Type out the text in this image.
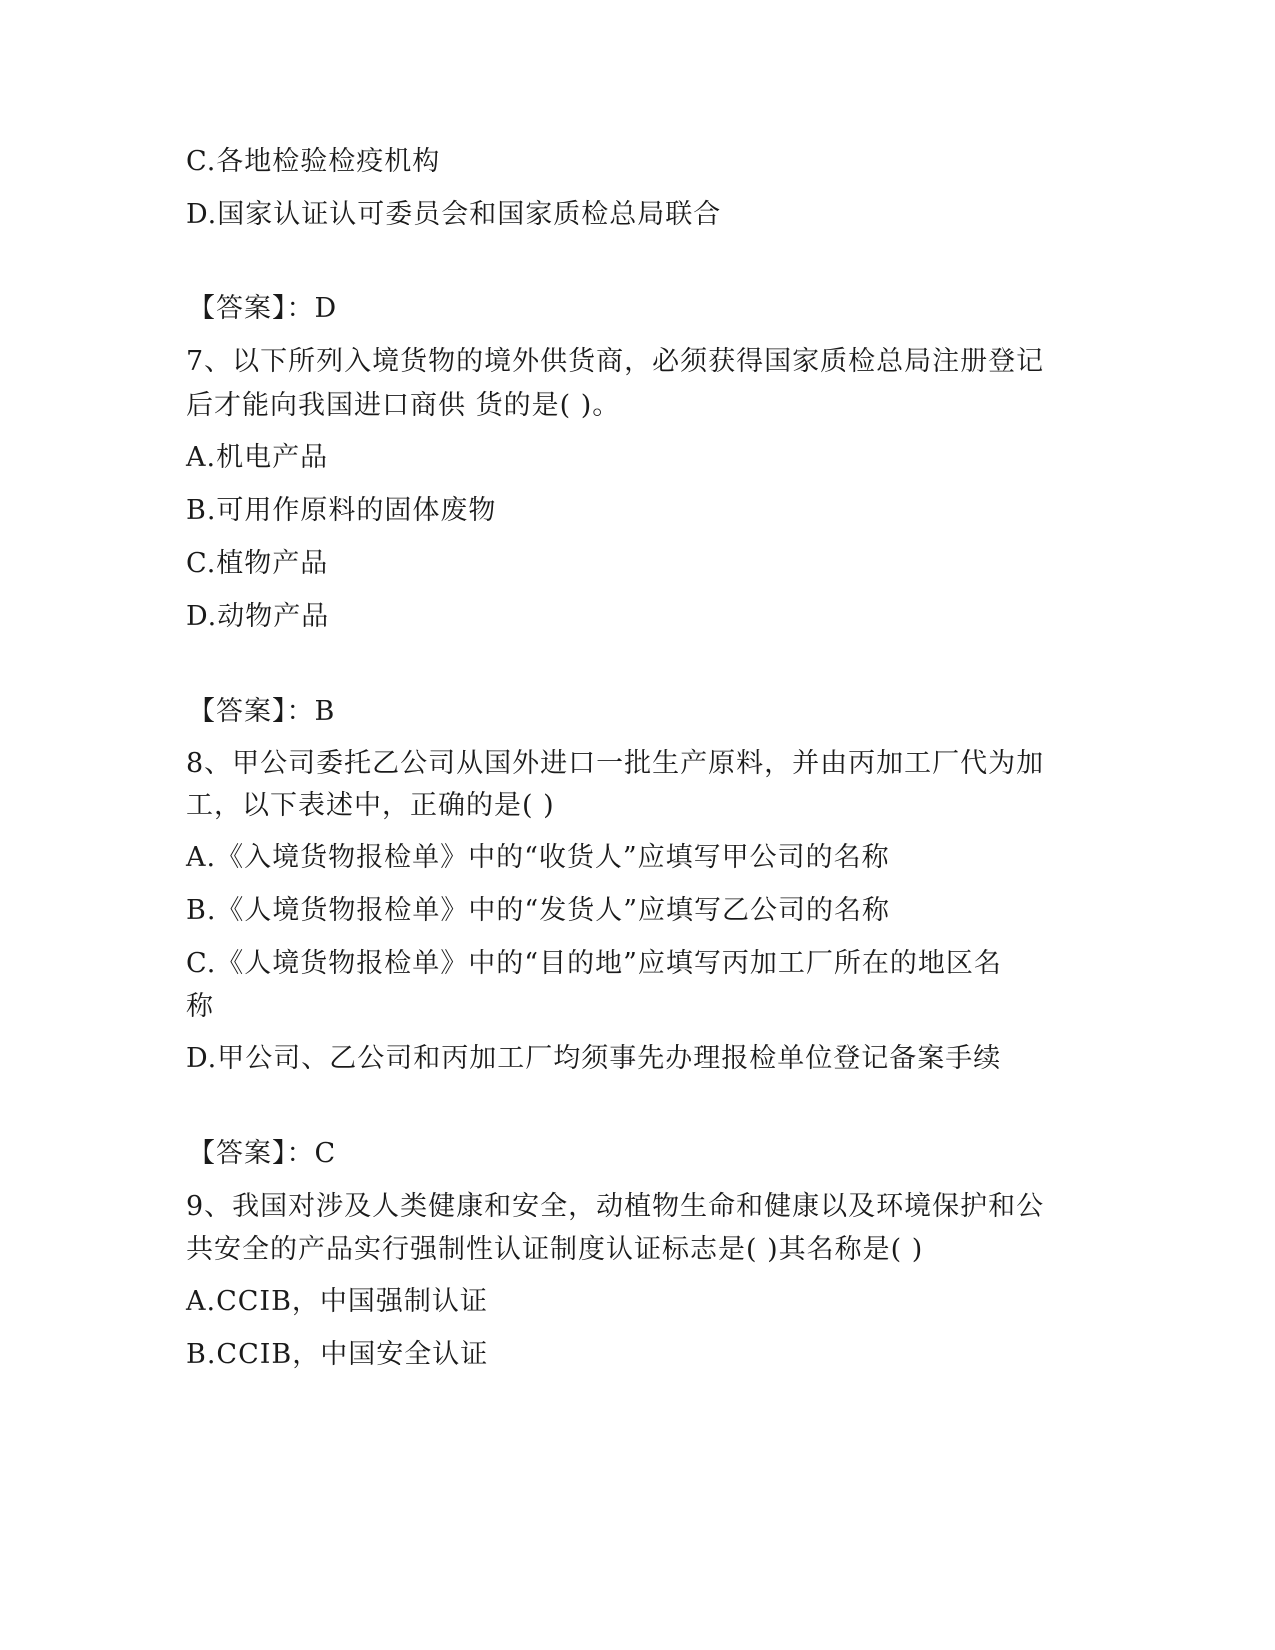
C.各地检验检疫机构
D.国家认证认可委员会和国家质检总局联合
【答案】：D
7、以下所列入境货物的境外供货商，必须获得国家质检总局注册登记
后才能向我国进口商供 货的是( )。
A.机电产品
B.可用作原料的固体废物
C.植物产品
D.动物产品
【答案】：B
8、甲公司委托乙公司从国外进口一批生产原料，并由丙加工厂代为加
工，以下表述中，正确的是( )
A.《入境货物报检单》中的“收货人”应填写甲公司的名称
B.《人境货物报检单》中的“发货人”应填写乙公司的名称
C.《人境货物报检单》中的“目的地”应填写丙加工厂所在的地区名
称
D.甲公司、乙公司和丙加工厂均须事先办理报检单位登记备案手续
【答案】：C
9、我国对涉及人类健康和安全，动植物生命和健康以及环境保护和公
共安全的产品实行强制性认证制度认证标志是( )其名称是( )
A.CCIB，中国强制认证
B.CCIB，中国安全认证
